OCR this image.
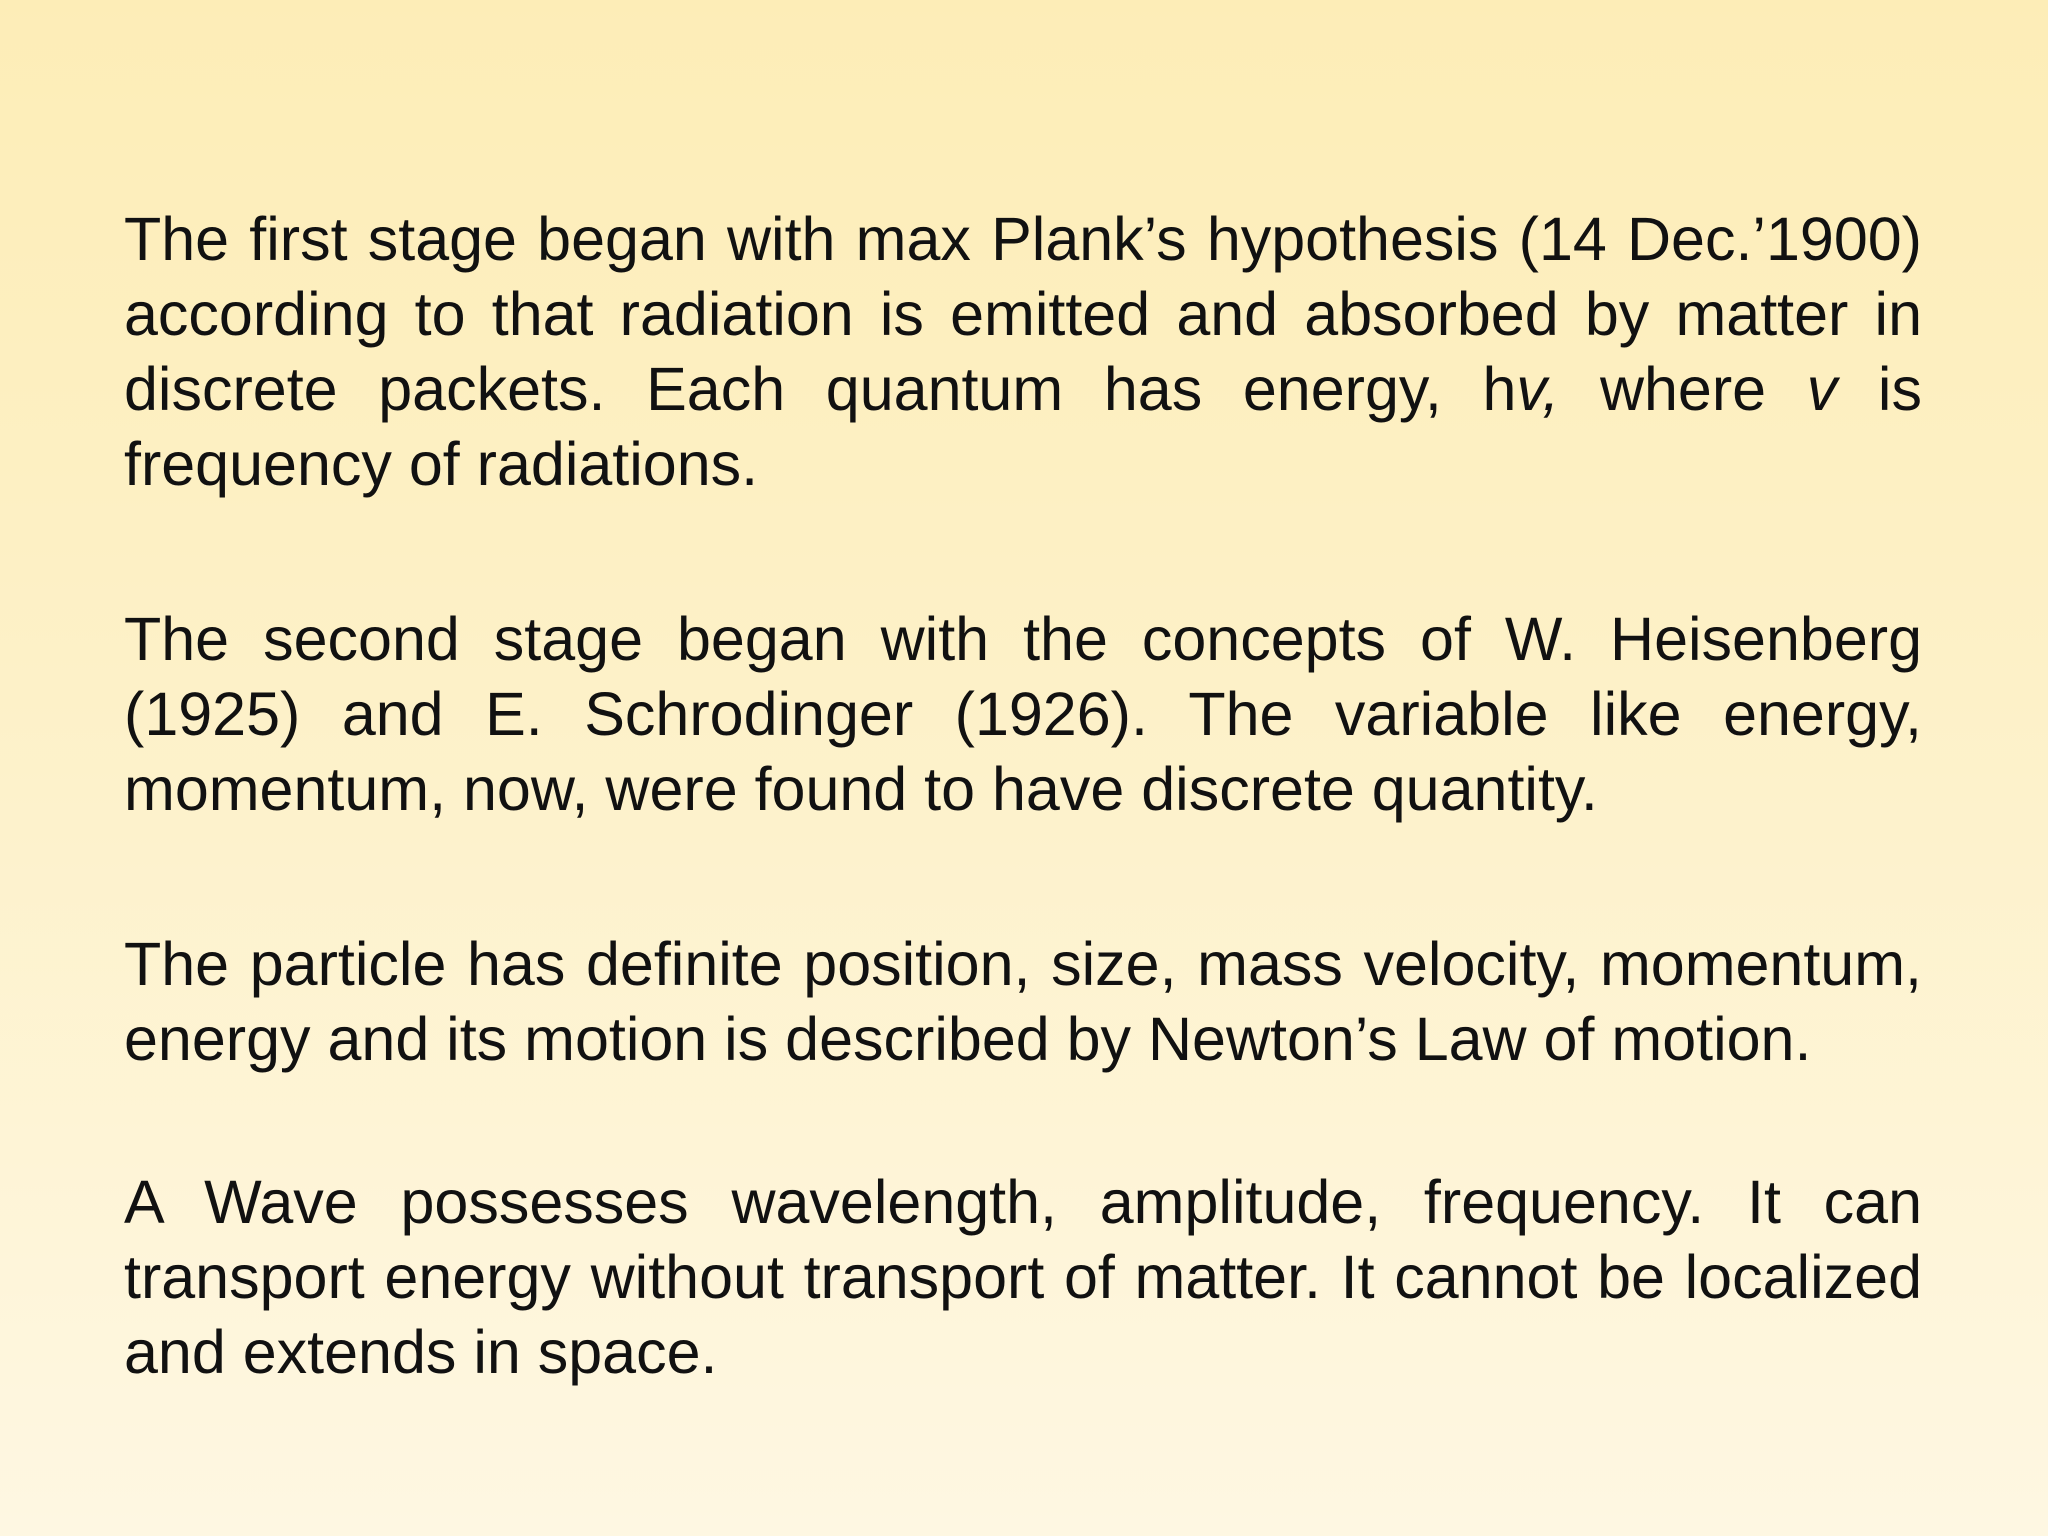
The first stage began with max Plank’s hypothesis (14 Dec.’1900) according to that radiation is emitted and absorbed by matter in discrete packets. Each quantum has energy, hv, where v is frequency of radiations.

The second stage began with the concepts of W. Heisenberg (1925) and E. Schrodinger (1926). The variable like energy, momentum, now, were found to have discrete quantity.

The particle has definite position, size, mass velocity, momentum, energy and its motion is described by Newton’s Law of motion.

A Wave possesses wavelength, amplitude, frequency. It can transport energy without transport of matter. It cannot be localized and extends in space.
